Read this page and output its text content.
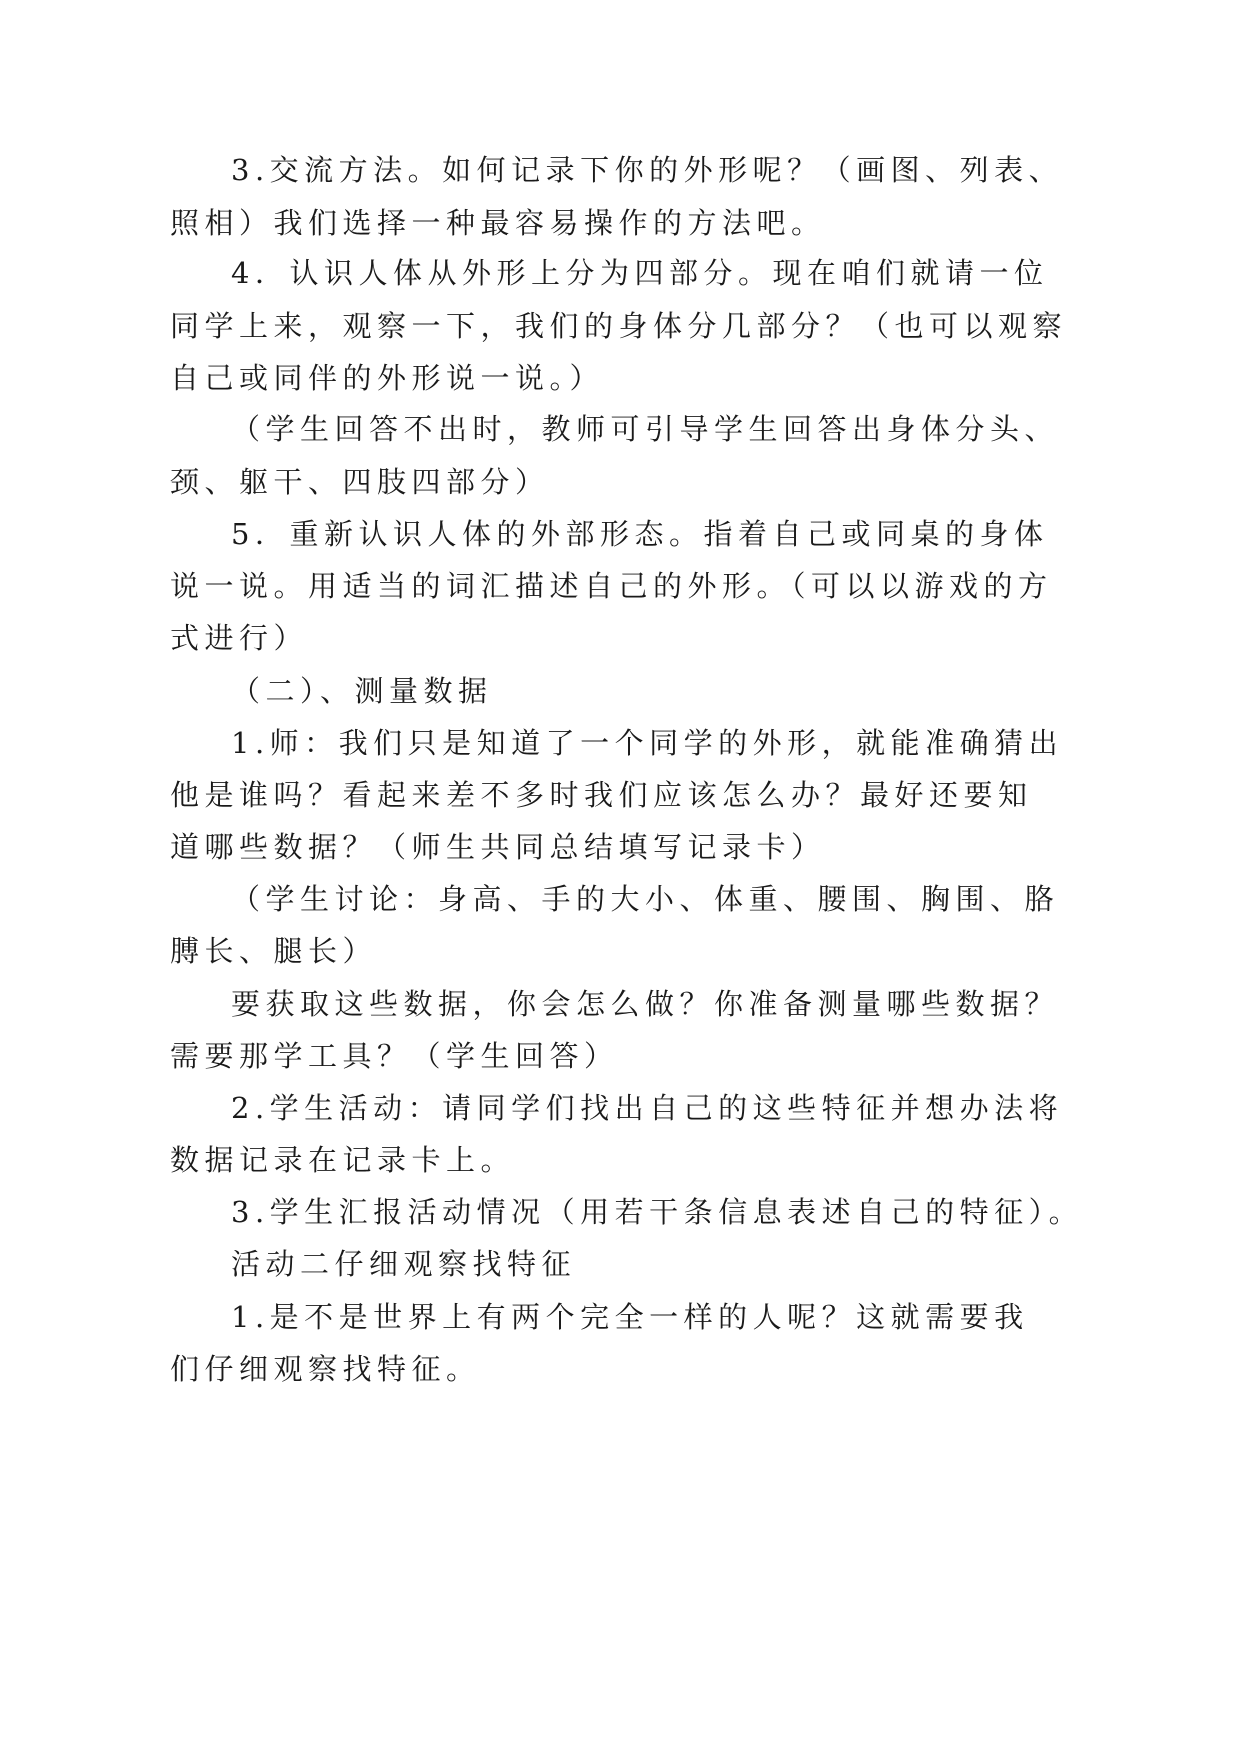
3.交流方法。如何记录下你的外形呢？（画图、列表、
照相）我们选择一种最容易操作的方法吧。
4．认识人体从外形上分为四部分。现在咱们就请一位
同学上来，观察一下，我们的身体分几部分？（也可以观察
自己或同伴的外形说一说。）
（学生回答不出时，教师可引导学生回答出身体分头、
颈、躯干、四肢四部分）
5．重新认识人体的外部形态。指着自己或同桌的身体
说一说。用适当的词汇描述自己的外形。（可以以游戏的方
式进行）
（二）、测量数据
1.师：我们只是知道了一个同学的外形，就能准确猜出
他是谁吗？看起来差不多时我们应该怎么办？最好还要知
道哪些数据？（师生共同总结填写记录卡）
（学生讨论：身高、手的大小、体重、腰围、胸围、胳
膊长、腿长）
要获取这些数据，你会怎么做？你准备测量哪些数据？
需要那学工具？（学生回答）
2.学生活动：请同学们找出自己的这些特征并想办法将
数据记录在记录卡上。
3.学生汇报活动情况（用若干条信息表述自己的特征）。
活动二仔细观察找特征
1.是不是世界上有两个完全一样的人呢？这就需要我
们仔细观察找特征。
